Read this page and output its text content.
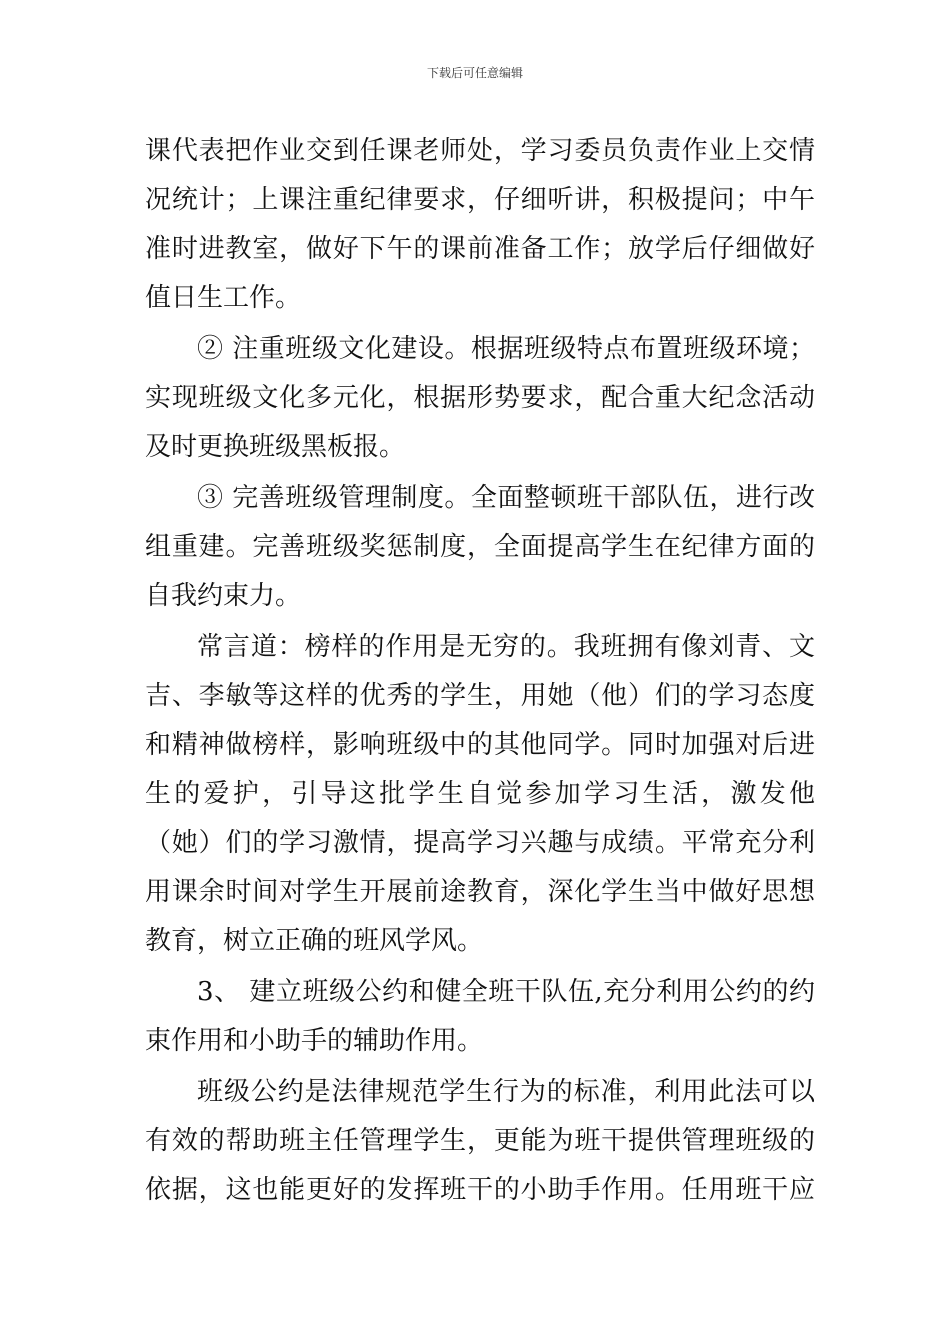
下载后可任意编辑
课代表把作业交到任课老师处，学习委员负责作业上交情
况统计；上课注重纪律要求，仔细听讲，积极提问；中午
准时进教室，做好下午的课前准备工作；放学后仔细做好
值日生工作。
② 注重班级文化建设。根据班级特点布置班级环境；
实现班级文化多元化，根据形势要求，配合重大纪念活动
及时更换班级黑板报。
③ 完善班级管理制度。全面整顿班干部队伍，进行改
组重建。完善班级奖惩制度，全面提高学生在纪律方面的
自我约束力。
常言道：榜样的作用是无穷的。我班拥有像刘青、文
吉、李敏等这样的优秀的学生，用她（他）们的学习态度
和精神做榜样，影响班级中的其他同学。同时加强对后进
生的爱护，引导这批学生自觉参加学习生活，激发他
（她）们的学习激情，提高学习兴趣与成绩。平常充分利
用课余时间对学生开展前途教育，深化学生当中做好思想
教育，树立正确的班风学风。
3、 建立班级公约和健全班干队伍,充分利用公约的约
束作用和小助手的辅助作用。
班级公约是法律规范学生行为的标准，利用此法可以
有效的帮助班主任管理学生，更能为班干提供管理班级的
依据，这也能更好的发挥班干的小助手作用。任用班干应
